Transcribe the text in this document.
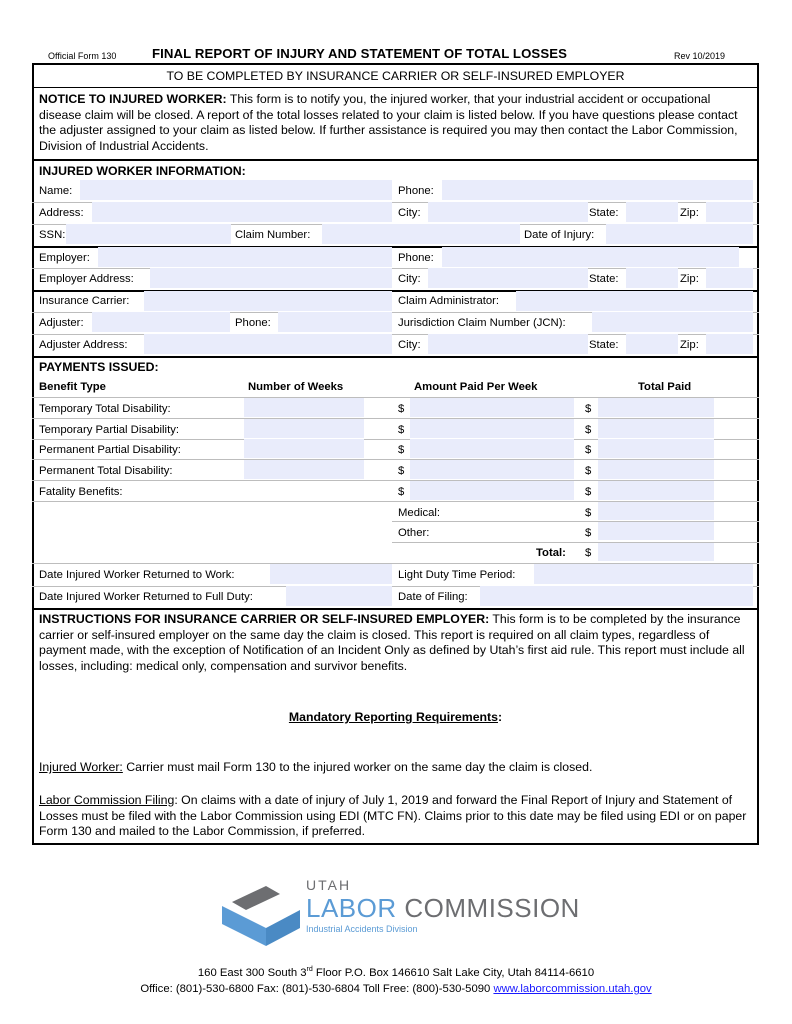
Official Form 130	FINAL REPORT OF INJURY AND STATEMENT OF TOTAL LOSSES	Rev 10/2019
TO BE COMPLETED BY INSURANCE CARRIER OR SELF-INSURED EMPLOYER
NOTICE TO INJURED WORKER: This form is to notify you, the injured worker, that your industrial accident or occupational disease claim will be closed. A report of the total losses related to your claim is listed below. If you have questions please contact the adjuster assigned to your claim as listed below. If further assistance is required you may then contact the Labor Commission, Division of Industrial Accidents.
INJURED WORKER INFORMATION:
Name:	Phone:
Address:	City:	State:	Zip:
SSN:	Claim Number:	Date of Injury:
Employer:	Phone:
Employer Address:	City:	State:	Zip:
Insurance Carrier:	Claim Administrator:
Adjuster:	Phone:	Jurisdiction Claim Number (JCN):
Adjuster Address:	City:	State:	Zip:
PAYMENTS ISSUED:
Benefit Type	Number of Weeks	Amount Paid Per Week	Total Paid
Temporary Total Disability:	$	$
Temporary Partial Disability:	$	$
Permanent Partial Disability:	$	$
Permanent Total Disability:	$	$
Fatality Benefits:	$	$
Medical:	$
Other:	$
Total: $
Date Injured Worker Returned to Work:	Light Duty Time Period:
Date Injured Worker Returned to Full Duty:	Date of Filing:
INSTRUCTIONS FOR INSURANCE CARRIER OR SELF-INSURED EMPLOYER: This form is to be completed by the insurance carrier or self-insured employer on the same day the claim is closed. This report is required on all claim types, regardless of payment made, with the exception of Notification of an Incident Only as defined by Utah’s first aid rule. This report must include all losses, including: medical only, compensation and survivor benefits.
Mandatory Reporting Requirements:
Injured Worker: Carrier must mail Form 130 to the injured worker on the same day the claim is closed.
Labor Commission Filing: On claims with a date of injury of July 1, 2019 and forward the Final Report of Injury and Statement of Losses must be filed with the Labor Commission using EDI (MTC FN). Claims prior to this date may be filed using EDI or on paper Form 130 and mailed to the Labor Commission, if preferred.
UTAH
LABOR COMMISSION
Industrial Accidents Division
160 East 300 South 3rd Floor P.O. Box 146610 Salt Lake City, Utah 84114-6610
Office: (801)-530-6800 Fax: (801)-530-6804 Toll Free: (800)-530-5090 www.laborcommission.utah.gov
